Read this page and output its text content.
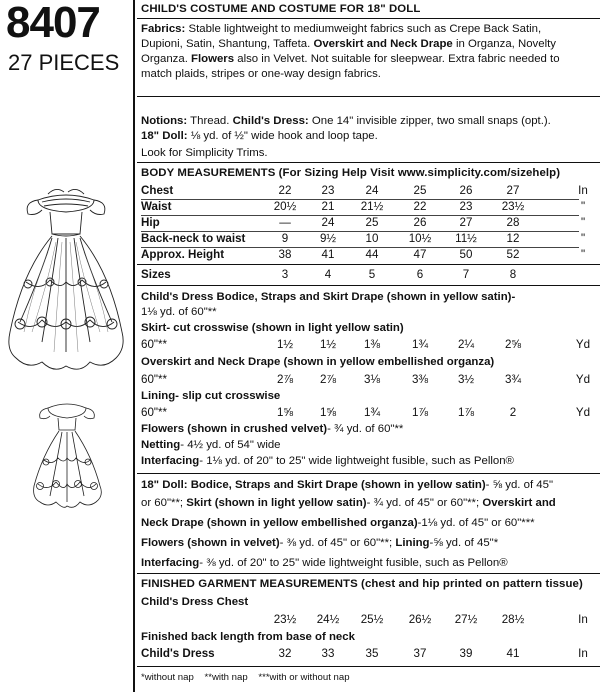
8407
27 PIECES
CHILD'S COSTUME AND COSTUME FOR 18" DOLL
Fabrics: Stable lightweight to mediumweight fabrics such as Crepe Back Satin,
Dupioni, Satin, Shantung, Taffeta. Overskirt and Neck Drape in Organza, Novelty
Organza. Flowers also in Velvet. Not suitable for sleepwear. Extra fabric needed to
match plaids, stripes or one-way design fabrics.
Notions: Thread. Child's Dress: One 14" invisible zipper, two small snaps (opt.).
18" Doll: ⅛ yd. of ½" wide hook and loop tape.
Look for Simplicity Trims.
BODY MEASUREMENTS (For Sizing Help Visit www.simplicity.com/sizehelp)
Chest	22	23	24	25	26	27	In
Waist	20½	21	21½	22	23	23½	"
Hip	—	24	25	26	27	28	"
Back-neck to waist	9	9½	10	10½	11½	12	"
Approx. Height	38	41	44	47	50	52	"
Sizes	3	4	5	6	7	8
Child's Dress Bodice, Straps and Skirt Drape (shown in yellow satin)-
1⅛ yd. of 60"**
Skirt- cut crosswise (shown in light yellow satin)
60"**	1½	1½	1⅜	1¾	2¼	2⅝	Yd
Overskirt and Neck Drape (shown in yellow embellished organza)
60"**	2⅞	2⅞	3⅛	3⅜	3½	3¾	Yd
Lining- slip cut crosswise
60"**	1⅝	1⅝	1¾	1⅞	1⅞	2	Yd
Flowers (shown in crushed velvet)- ¾ yd. of 60"**
Netting- 4½ yd. of 54" wide
Interfacing- 1⅛ yd. of 20" to 25" wide lightweight fusible, such as Pellon®
18" Doll: Bodice, Straps and Skirt Drape (shown in yellow satin)- ⅝ yd. of 45"
or 60"**; Skirt (shown in light yellow satin)- ¾ yd. of 45" or 60"**; Overskirt and
Neck Drape (shown in yellow embellished organza)-1⅛ yd. of 45" or 60"***
Flowers (shown in velvet)- ⅜ yd. of 45" or 60"**; Lining-⅝ yd. of 45"*
Interfacing- ⅜ yd. of 20" to 25" wide lightweight fusible, such as Pellon®
FINISHED GARMENT MEASUREMENTS (chest and hip printed on pattern tissue)
Child's Dress Chest
23½	24½	25½	26½	27½	28½	In
Finished back length from base of neck
Child's Dress	32	33	35	37	39	41	In
*without nap **with nap ***with or without nap
